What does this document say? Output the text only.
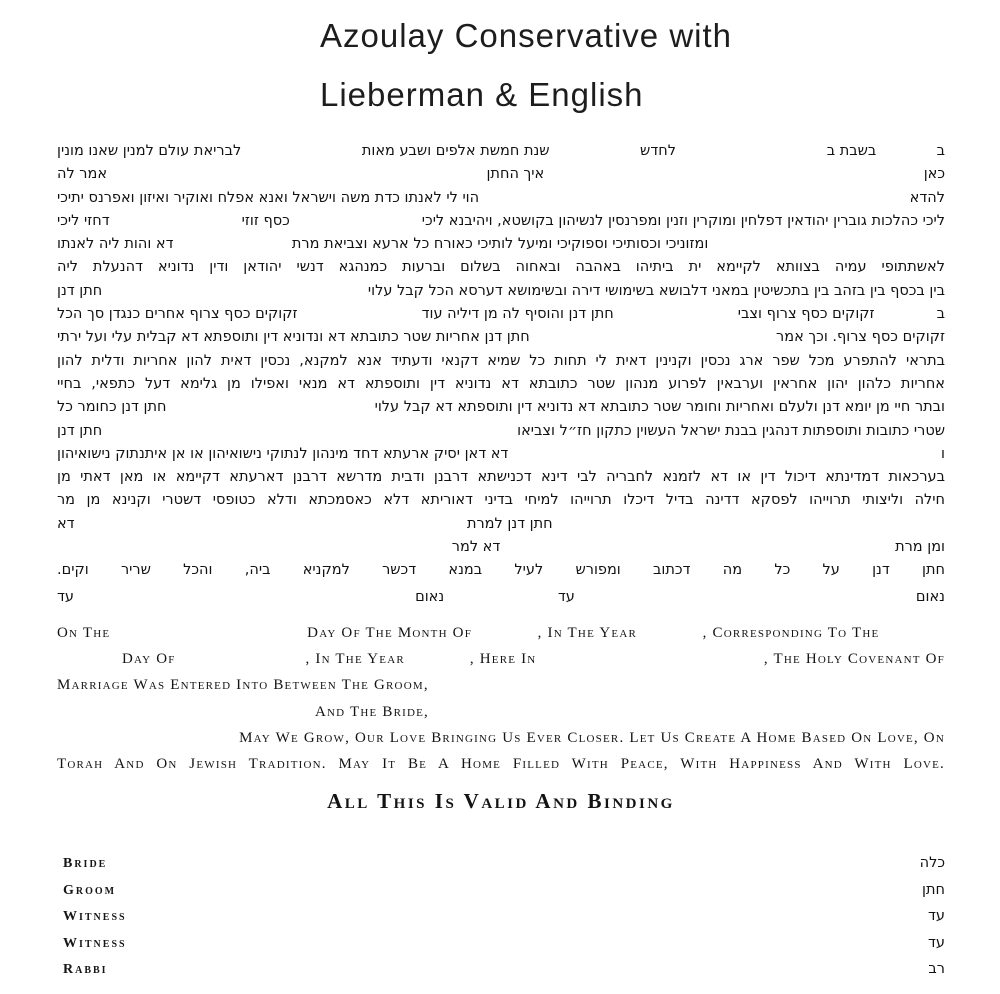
Azoulay Conservative with
Lieberman & English
ב
בשבת ב
לחדש
שנת חמשת אלפים ושבע מאות
לבריאת עולם למנין שאנו מונין
כאן
איך החתן
אמר לה
להדא
הוי לי לאנתו כדת משה וישראל ואנא אפלח ואוקיר ואיזון ואפרנס יתיכי
ליכי כהלכות גוברין יהודאין דפלחין ומוקרין וזנין ומפרנסין לנשיהון בקושטא, ויהיבנא ליכי
כסף זוזי
דחזי ליכי
ומזוניכי וכסותיכי וספוקיכי ומיעל לותיכי כאורח כל ארעא וצביאת מרת
דא והות ליה לאנתו
לאשתתופי עמיה בצוותא לקיימא ית ביתיהו באהבה ובאחוה בשלום וברעות כמנהגא דנשי יהודאן ודין נדוניא דהנעלת ליה
בין בכסף בין בזהב בין בתכשיטין במאני דלבושא בשימושי דירה ובשימושא דערסא הכל קבל עלוי
חתן דנן
ב
זקוקים כסף צרוף וצבי
חתן דנן והוסיף לה מן דיליה עוד
זקוקים כסף צרוף אחרים כנגדן סך הכל
זקוקים כסף צרוף. וכך אמר
חתן דנן אחריות שטר כתובתא דא ונדוניא דין ותוספתא דא קבלית עלי ועל ירתי
בתראי להתפרע מכל שפר ארג נכסין וקנינין דאית לי תחות כל שמיא דקנאי ודעתיד אנא למקנא, נכסין דאית להון אחריות ודלית להון
אחריות כלהון יהון אחראין וערבאין לפרוע מנהון שטר כתובתא דא נדוניא דין ותוספתא דא מנאי ואפילו מן גלימא דעל כתפאי, בחיי
ובתר חיי מן יומא דנן ולעלם ואחריות וחומר שטר כתובתא דא נדוניא דין ותוספתא דא קבל עלוי
חתן דנן כחומר כל
שטרי כתובות ותוספתות דנהגין בבנת ישראל העשוין כתקון חז״ל וצביאו
חתן דנן
ו
דא דאן יסיק ארעתא דחד מינהון לנתוקי נישואיהון או אן איתנתוק נישואיהון
בערכאות דמדינתא דיכול דין או דא לזמנא לחבריה לבי דינא דכנישתא דרבנן ודבית מדרשא דרבנן דארעתא דקיימא או מאן דאתי מן
חילה וליצותי תרוייהו לפסקא דדינה בדיל דיכלו תרוייהו למיחי בדיני דאוריתא דלא כאסמכתא ודלא כטופסי דשטרי וקנינא מן מר
חתן דנן למרת
דא
ומן מרת
דא למר
חתן דנן על כל מה דכתוב ומפורש לעיל במנא דכשר למקניא ביה, והכל שריר וקים.
נאום
עד
נאום
עד
On The	Day Of The Month Of	, In The Year	, Corresponding To The
Day Of	, In The Year	, Here In	, The Holy Covenant Of
Marriage Was Entered Into Between The Groom,
And The Bride,
May We Grow, Our Love Bringing Us Ever Closer. Let Us Create A Home Based On Love, On
Torah And On Jewish Tradition. May It Be A Home Filled With Peace, With Happiness And With Love.
All This Is Valid And Binding
Bride	כלה
Groom	חתן
Witness	עד
Witness	עד
Rabbi	רב
